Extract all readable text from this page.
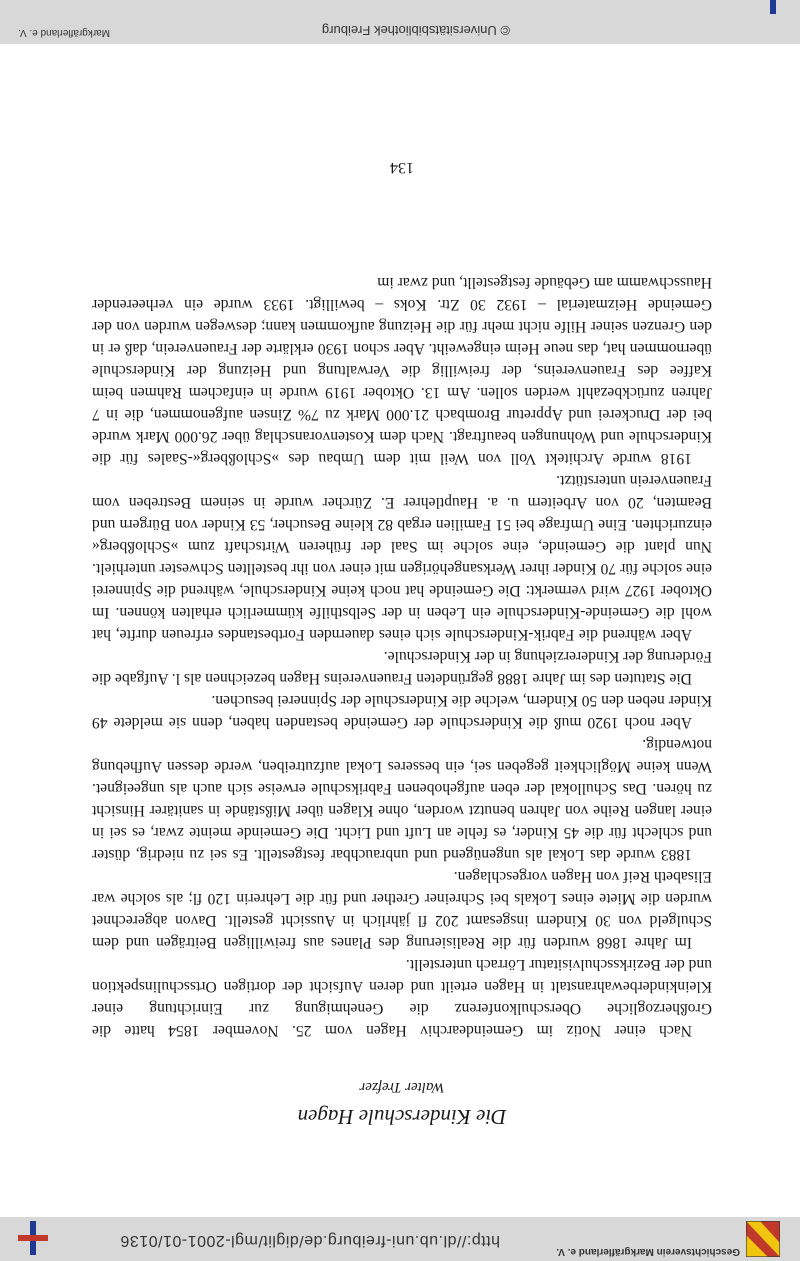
Geschichtsverein Markgräflerland e. V.
http://dl.ub.uni-freiburg.de/diglit/mgl-2001-01/0136
Die Kinderschule Hagen
Walter Trefzer

Nach einer Notiz im Gemeindearchiv Hagen vom 25. November 1854 hatte die Großherzogliche Oberschulkonferenz die Genehmigung zur Einrichtung einer Kleinkinderbewahranstalt in Hagen erteilt und deren Aufsicht der dortigen Ortsschulinspektion und der Bezirksschulvisitatur Lörrach unterstellt.

Im Jahre 1868 wurden für die Realisierung des Planes aus freiwilligen Beiträgen und dem Schulgeld von 30 Kindern insgesamt 202 fl jährlich in Aussicht gestellt. Davon abgerechnet wurden die Miete eines Lokals bei Schreiner Grether und für die Lehrerin 120 fl; als solche war Elisabeth Reif von Hagen vorgeschlagen.

1883 wurde das Lokal als ungenügend und unbrauchbar festgestellt. Es sei zu niedrig, düster und schlecht für die 45 Kinder, es fehle an Luft und Licht. Die Gemeinde meinte zwar, es sei in einer langen Reihe von Jahren benutzt worden, ohne Klagen über Mißstände in sanitärer Hinsicht zu hören. Das Schullokal der eben aufgehobenen Fabrikschule erweise sich auch als ungeeignet. Wenn keine Möglichkeit gegeben sei, ein besseres Lokal aufzutreiben, werde dessen Aufhebung notwendig.

Aber noch 1920 muß die Kinderschule der Gemeinde bestanden haben, denn sie meldete 49 Kinder neben den 50 Kindern, welche die Kinderschule der Spinnerei besuchen.

Die Statuten des im Jahre 1888 gegründeten Frauenvereins Hagen bezeichnen als l. Aufgabe die Förderung der Kindererziehung in der Kinderschule.

Aber während die Fabrik-Kinderschule sich eines dauernden Fortbestandes erfreuen durfte, hat wohl die Gemeinde-Kinderschule ein Leben in der Selbsthilfe kümmerlich erhalten können. Im Oktober 1927 wird vermerkt: Die Gemeinde hat noch keine Kinderschule, während die Spinnerei eine solche für 70 Kinder ihrer Werksangehörigen mit einer von ihr bestellten Schwester unterhielt. Nun plant die Gemeinde, eine solche im Saal der früheren Wirtschaft zum »Schloßberg« einzurichten. Eine Umfrage bei 51 Familien ergab 82 kleine Besucher, 53 Kinder von Bürgern und Beamten, 20 von Arbeitern u. a. Hauptlehrer E. Zürcher wurde in seinem Bestreben vom Frauenverein unterstützt.

1918 wurde Architekt Voll von Weil mit dem Umbau des »Schloßberg«-Saales für die Kinderschule und Wohnungen beauftragt. Nach dem Kostenvoranschlag über 26.000 Mark wurde bei der Druckerei und Appretur Brombach 21.000 Mark zu 7% Zinsen aufgenommen, die in 7 Jahren zurückbezahlt werden sollen. Am 13. Oktober 1919 wurde in einfachem Rahmen beim Kaffee des Frauenvereins, der freiwillig die Verwaltung und Heizung der Kinderschule übernommen hat, das neue Heim eingeweiht. Aber schon 1930 erklärte der Frauenverein, daß er in den Grenzen seiner Hilfe nicht mehr für die Heizung aufkommen kann; deswegen wurden von der Gemeinde Heizmaterial – 1932 30 Ztr. Koks – bewilligt. 1933 wurde ein verheerender Hausschwamm am Gebäude festgestellt, und zwar im

134
© Universitätsbibliothek Freiburg
Markgräflerland e. V.
